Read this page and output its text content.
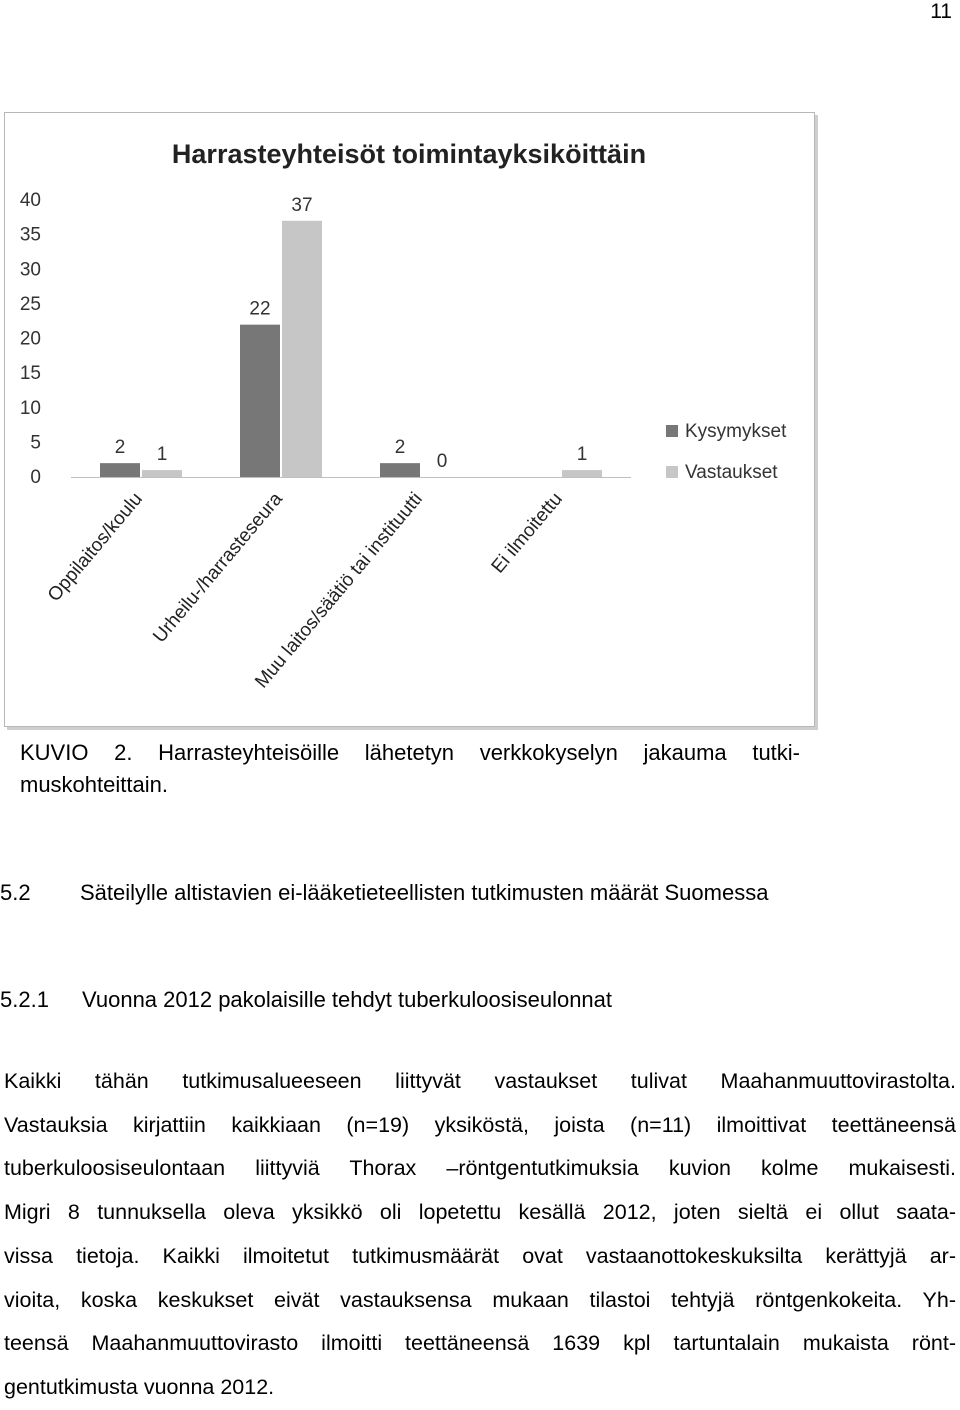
11
Harrasteyhteisöt toimintayksiköittäin
0
5
10
15
20
25
30
35
40
2
22
2
1
37
0	1
Oppilaitos/koulu Urheilu-/harrasteseura
Muu laitos/säätiö tai instituutti	Ei ilmoitettu
Kysymykset
Vastaukset
KUVIO 2. Harrasteyhteisöille lähetetyn verkkokyselyn jakauma tutki-
muskohteittain.
5.2 Säteilylle altistavien ei-lääketieteellisten tutkimusten määrät Suomessa
5.2.1 Vuonna 2012 pakolaisille tehdyt tuberkuloosiseulonnat
Kaikki tähän tutkimusalueeseen liittyvät vastaukset tulivat Maahanmuuttovirastolta.
Vastauksia kirjattiin kaikkiaan (n=19) yksiköstä, joista (n=11) ilmoittivat teettäneensä
tuberkuloosiseulontaan liittyviä Thorax –röntgentutkimuksia kuvion kolme mukaisesti.
Migri 8 tunnuksella oleva yksikkö oli lopetettu kesällä 2012, joten sieltä ei ollut saata-
vissa tietoja. Kaikki ilmoitetut tutkimusmäärät ovat vastaanottokeskuksilta kerättyjä ar-
vioita, koska keskukset eivät vastauksensa mukaan tilastoi tehtyjä röntgenkokeita. Yh-
teensä Maahanmuuttovirasto ilmoitti teettäneensä 1639 kpl tartuntalain mukaista rönt-
gentutkimusta vuonna 2012.
